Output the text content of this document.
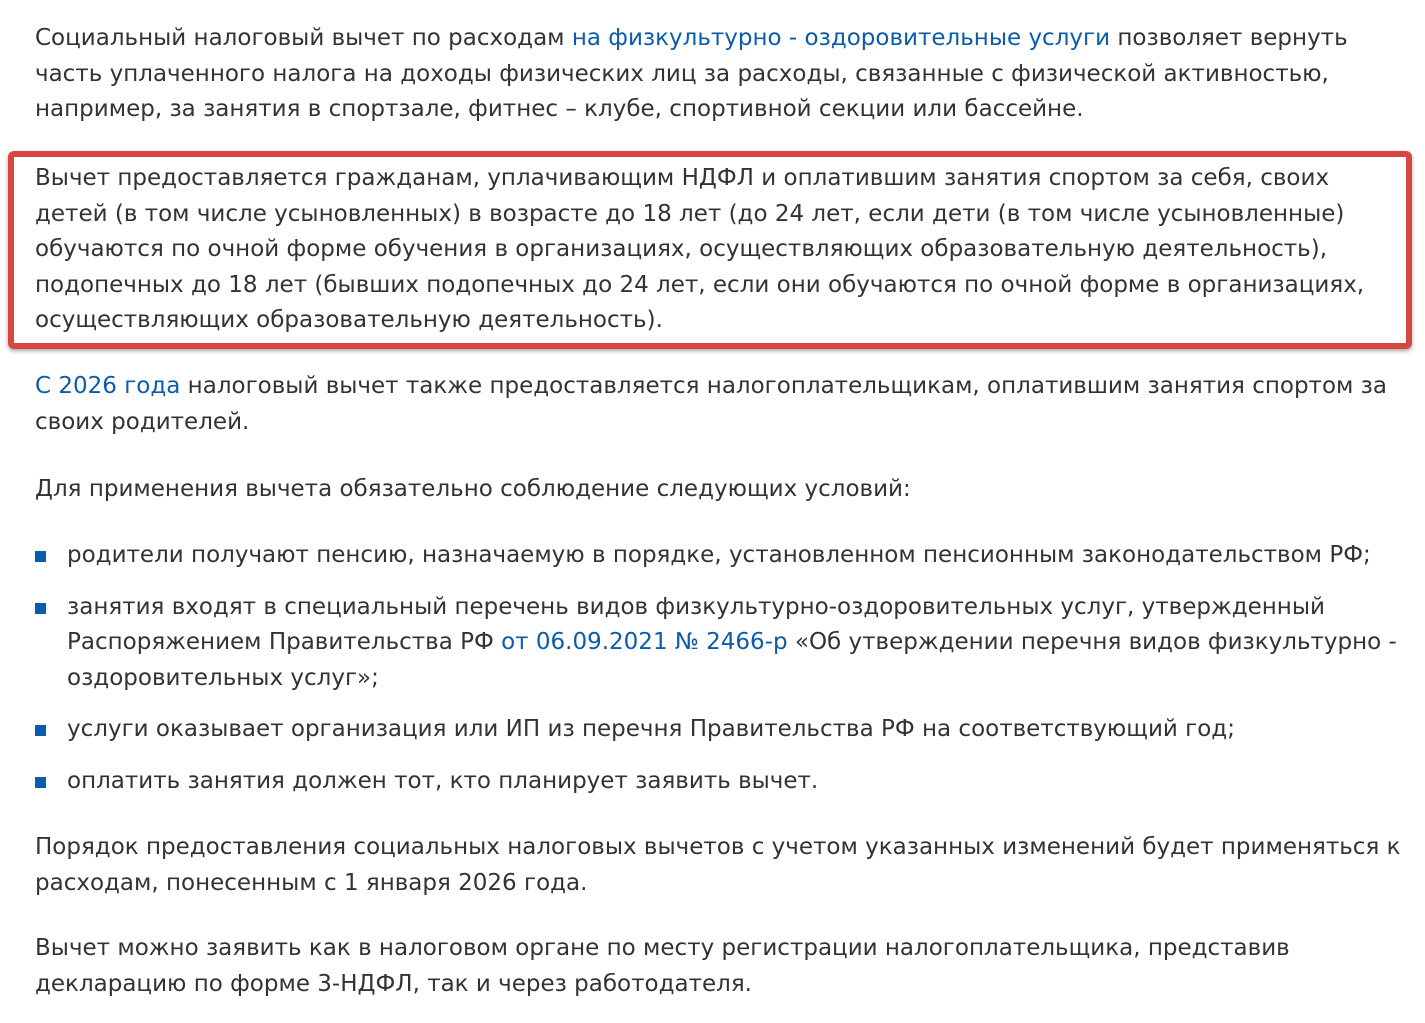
Социальный налоговый вычет по расходам на физкультурно - оздоровительные услуги позволяет вернуть часть уплаченного налога на доходы физических лиц за расходы, связанные с физической активностью, например, за занятия в спортзале, фитнес – клубе, спортивной секции или бассейне.

Вычет предоставляется гражданам, уплачивающим НДФЛ и оплатившим занятия спортом за себя, своих детей (в том числе усыновленных) в возрасте до 18 лет (до 24 лет, если дети (в том числе усыновленные) обучаются по очной форме обучения в организациях, осуществляющих образовательную деятельность), подопечных до 18 лет (бывших подопечных до 24 лет, если они обучаются по очной форме в организациях, осуществляющих образовательную деятельность).

С 2026 года налоговый вычет также предоставляется налогоплательщикам, оплатившим занятия спортом за своих родителей.

Для применения вычета обязательно соблюдение следующих условий:

родители получают пенсию, назначаемую в порядке, установленном пенсионным законодательством РФ;
занятия входят в специальный перечень видов физкультурно-оздоровительных услуг, утвержденный Распоряжением Правительства РФ от 06.09.2021 № 2466-р «Об утверждении перечня видов физкультурно - оздоровительных услуг»;
услуги оказывает организация или ИП из перечня Правительства РФ на соответствующий год;
оплатить занятия должен тот, кто планирует заявить вычет.

Порядок предоставления социальных налоговых вычетов с учетом указанных изменений будет применяться к расходам, понесенным с 1 января 2026 года.

Вычет можно заявить как в налоговом органе по месту регистрации налогоплательщика, представив декларацию по форме 3-НДФЛ, так и через работодателя.
